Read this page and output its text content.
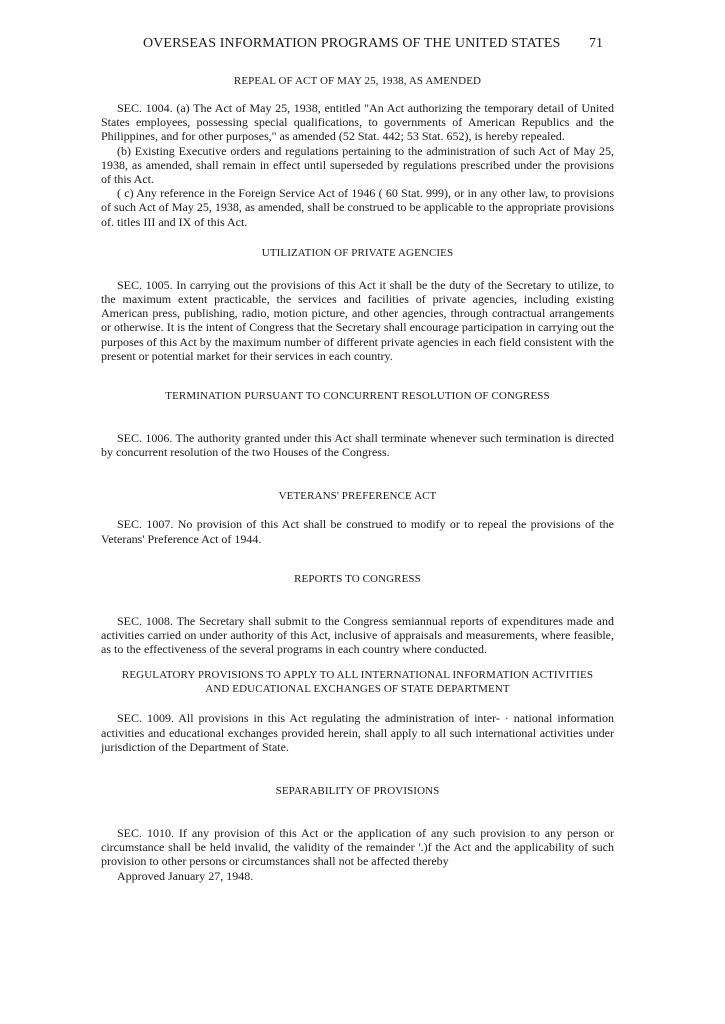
OVERSEAS INFORMATION PROGRAMS OF THE UNITED STATES 71
REPEAL OF ACT OF MAY 25, 1938, AS AMENDED
SEC. 1004. (a) The Act of May 25, 1938, entitled "An Act authorizing the temporary detail of United States employees, possessing special qualifications, to governments of American Republics and the Philippines, and for other purposes," as amended (52 Stat. 442; 53 Stat. 652), is hereby repealed.
(b) Existing Executive orders and regulations pertaining to the administration of such Act of May 25, 1938, as amended, shall remain in effect until superseded by regulations prescribed under the provisions of this Act.
( c) Any reference in the Foreign Service Act of 1946 ( 60 Stat. 999), or in any other law, to provisions of such Act of May 25, 1938, as amended, shall be construed to be applicable to the appropriate provisions of. titles III and IX of this Act.
UTILIZATION OF PRIVATE AGENCIES
SEC. 1005. In carrying out the provisions of this Act it shall be the duty of the Secretary to utilize, to the maximum extent practicable, the services and facilities of private agencies, including existing American press, publishing, radio, motion picture, and other agencies, through contractual arrangements or otherwise. It is the intent of Congress that the Secretary shall encourage participation in carrying out the purposes of this Act by the maximum number of different private agencies in each field consistent with the present or potential market for their services in each country.
TERMINATION PURSUANT TO CONCURRENT RESOLUTION OF CONGRESS
SEC. 1006. The authority granted under this Act shall terminate whenever such termination is directed by concurrent resolution of the two Houses of the Congress.
VETERANS' PREFERENCE ACT
SEC. 1007. No provision of this Act shall be construed to modify or to repeal the provisions of the Veterans' Preference Act of 1944.
REPORTS TO CONGRESS
SEC. 1008. The Secretary shall submit to the Congress semiannual reports of expenditures made and activities carried on under authority of this Act, inclusive of appraisals and measurements, where feasible, as to the effectiveness of the several programs in each country where conducted.
REGULATORY PROVISIONS TO APPLY TO ALL INTERNATIONAL INFORMATION ACTIVITIES
AND EDUCATIONAL EXCHANGES OF STATE DEPARTMENT
SEC. 1009. All provisions in this Act regulating the administration of inter- · national information activities and educational exchanges provided herein, shall apply to all such international activities under jurisdiction of the Department of State.
SEPARABILITY OF PROVISIONS
SEC. 1010. If any provision of this Act or the application of any such provision to any person or circumstance shall be held invalid, the validity of the remainder '.)f the Act and the applicability of such provision to other persons or circumstances shall not be affected thereby
Approved January 27, 1948.
